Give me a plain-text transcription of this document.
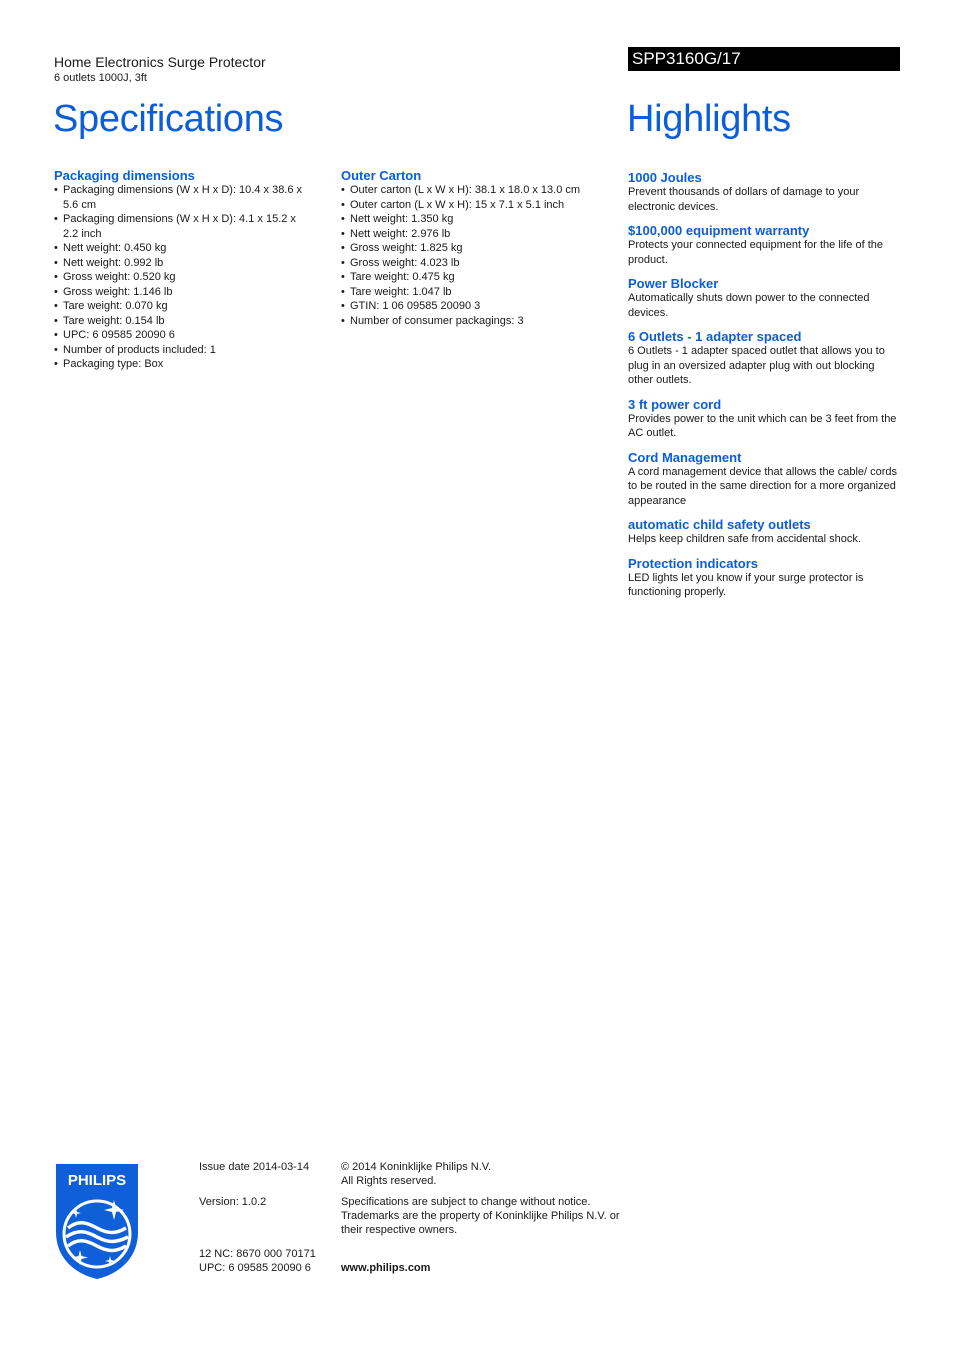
Home Electronics Surge Protector
6 outlets 1000J, 3ft
SPP3160G/17
Specifications	Highlights
Packaging dimensions
• Packaging dimensions (W x H x D): 10.4 x 38.6 x 5.6 cm
• Packaging dimensions (W x H x D): 4.1 x 15.2 x 2.2 inch
• Nett weight: 0.450 kg
• Nett weight: 0.992 lb
• Gross weight: 0.520 kg
• Gross weight: 1.146 lb
• Tare weight: 0.070 kg
• Tare weight: 0.154 lb
• UPC: 6 09585 20090 6
• Number of products included: 1
• Packaging type: Box
Outer Carton
• Outer carton (L x W x H): 38.1 x 18.0 x 13.0 cm
• Outer carton (L x W x H): 15 x 7.1 x 5.1 inch
• Nett weight: 1.350 kg
• Nett weight: 2.976 lb
• Gross weight: 1.825 kg
• Gross weight: 4.023 lb
• Tare weight: 0.475 kg
• Tare weight: 1.047 lb
• GTIN: 1 06 09585 20090 3
• Number of consumer packagings: 3
1000 Joules
Prevent thousands of dollars of damage to your electronic devices.
$100,000 equipment warranty
Protects your connected equipment for the life of the product.
Power Blocker
Automatically shuts down power to the connected devices.
6 Outlets - 1 adapter spaced
6 Outlets - 1 adapter spaced outlet that allows you to plug in an oversized adapter plug with out blocking other outlets.
3 ft power cord
Provides power to the unit which can be 3 feet from the AC outlet.
Cord Management
A cord management device that allows the cable/ cords to be routed in the same direction for a more organized appearance
automatic child safety outlets
Helps keep children safe from accidental shock.
Protection indicators
LED lights let you know if your surge protector is functioning properly.
PHILIPS
Issue date 2014-03-14
Version: 1.0.2
12 NC: 8670 000 70171
UPC: 6 09585 20090 6
© 2014 Koninklijke Philips N.V.
All Rights reserved.
Specifications are subject to change without notice. Trademarks are the property of Koninklijke Philips N.V. or their respective owners.
www.philips.com
